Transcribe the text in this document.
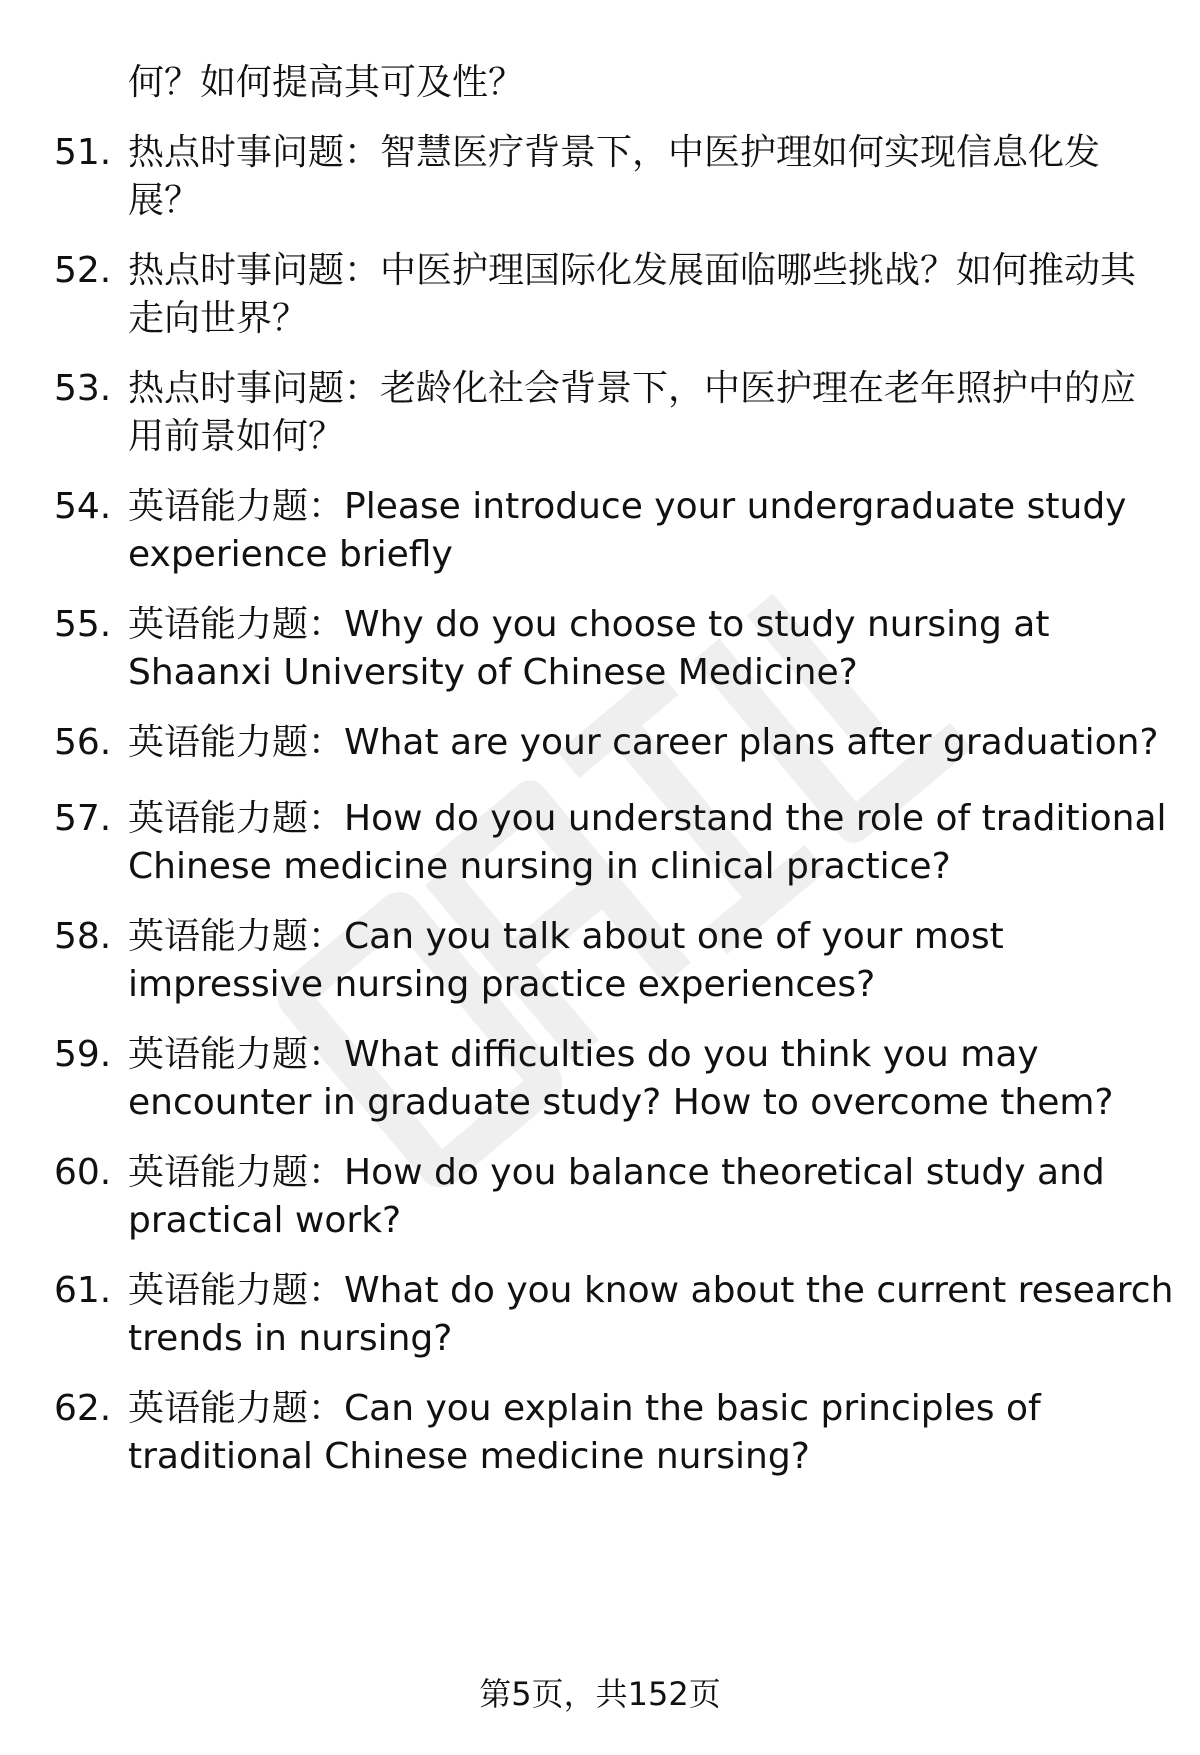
何？如何提高其可及性？
51. 热点时事问题：智慧医疗背景下，中医护理如何实现信息化发
展？
52. 热点时事问题：中医护理国际化发展面临哪些挑战？如何推动其
走向世界？
53. 热点时事问题：老龄化社会背景下，中医护理在老年照护中的应
用前景如何？
54. 英语能力题：Please introduce your undergraduate study
experience briefly
55. 英语能力题：Why do you choose to study nursing at
Shaanxi University of Chinese Medicine?
56. 英语能力题：What are your career plans after graduation?
57. 英语能力题：How do you understand the role of traditional
Chinese medicine nursing in clinical practice?
58. 英语能力题：Can you talk about one of your most
impressive nursing practice experiences?
59. 英语能力题：What difficulties do you think you may
encounter in graduate study? How to overcome them?
60. 英语能力题：How do you balance theoretical study and
practical work?
61. 英语能力题：What do you know about the current research
trends in nursing?
62. 英语能力题：Can you explain the basic principles of
traditional Chinese medicine nursing?
第5页，共152页
